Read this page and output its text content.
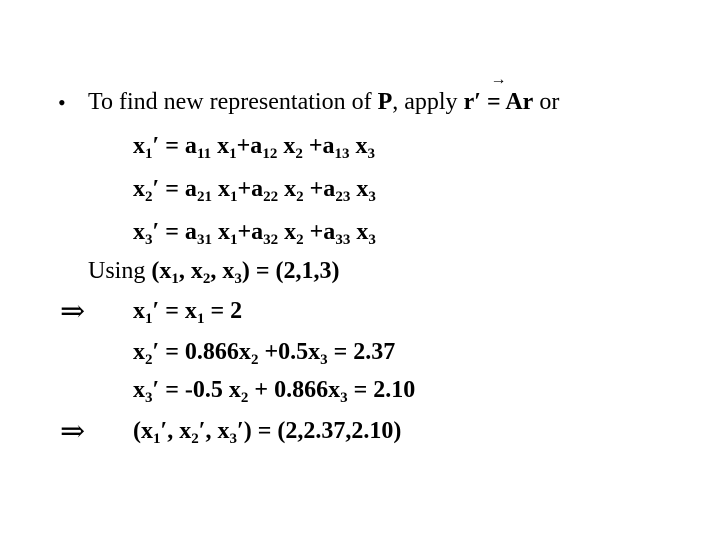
• To find new representation of P, apply
→
r′ = Ar or
$x_1' = a_{11}$ $x_1+a_{12}$ $x_2 +a_{13}$ $x_3$
$x_2' = a_{21}$ $x_1+a_{22}$ $x_2 +a_{23}$ $x_3$
$x_3' = a_{31}$ $x_1+a_{32}$ $x_2 +a_{33}$ $x_3$
Using ($x_1$, $x_2$, $x_3) = (2,1,3)$
⇒ $x_1' = x_1 = 2$
$x_2' = 0.866x_2 +0.5x_3 = 2.37$
$x_3' = -0.5$ $x_2 + 0.866x_3 = 2.10$
⇒ ($x_1'$, $x_2'$, $x_3') = (2,2.37,2.10)$
